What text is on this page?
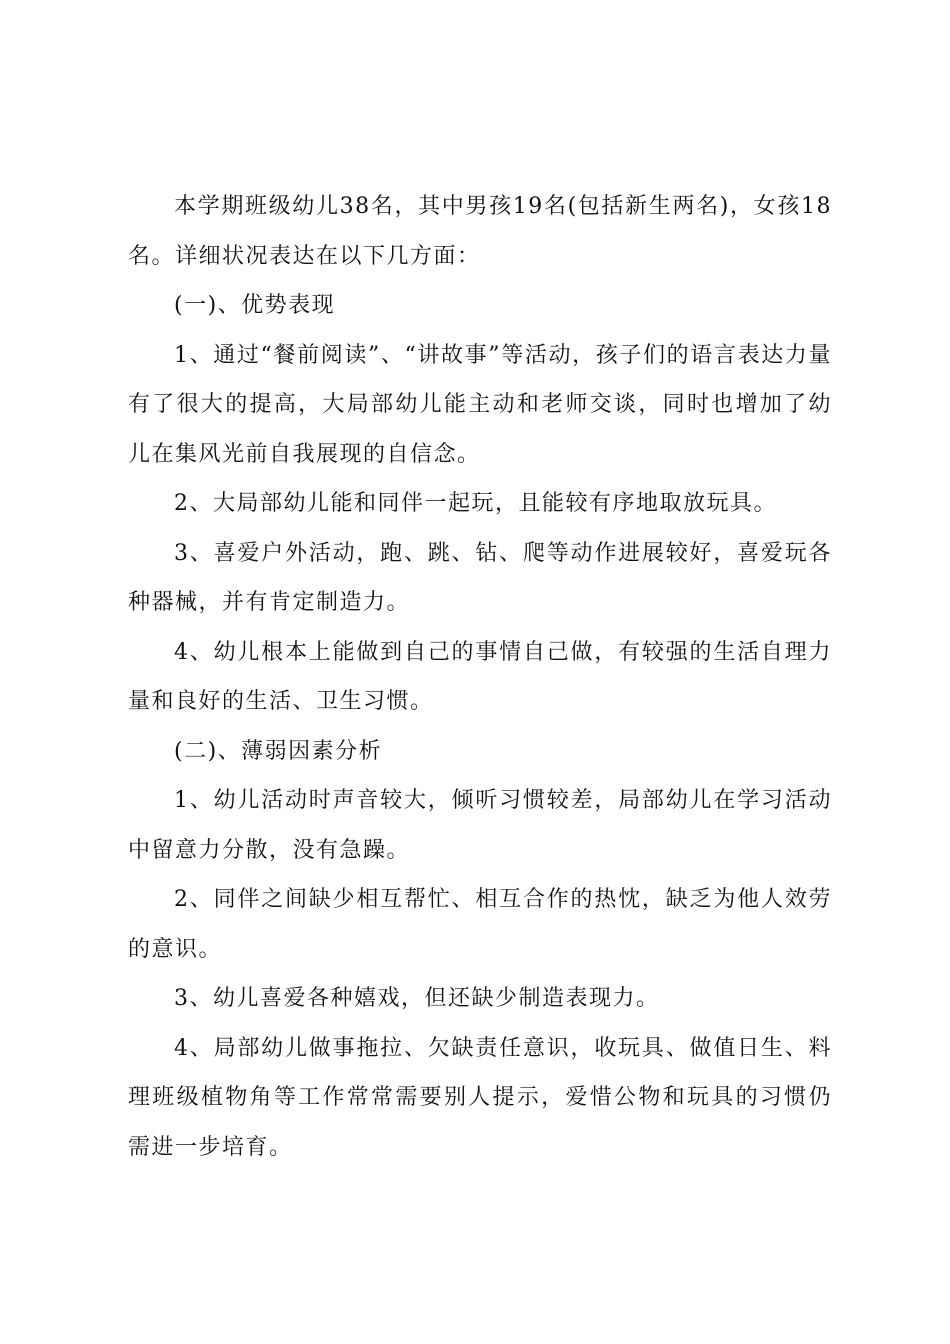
本学期班级幼儿38名，其中男孩19名(包括新生两名)，女孩18名。详细状况表达在以下几方面：

(一)、优势表现

1、通过“餐前阅读”、“讲故事”等活动，孩子们的语言表达力量有了很大的提高，大局部幼儿能主动和老师交谈，同时也增加了幼儿在集风光前自我展现的自信念。

2、大局部幼儿能和同伴一起玩，且能较有序地取放玩具。

3、喜爱户外活动，跑、跳、钻、爬等动作进展较好，喜爱玩各种器械，并有肯定制造力。

4、幼儿根本上能做到自己的事情自己做，有较强的生活自理力量和良好的生活、卫生习惯。

(二)、薄弱因素分析

1、幼儿活动时声音较大，倾听习惯较差，局部幼儿在学习活动中留意力分散，没有急躁。

2、同伴之间缺少相互帮忙、相互合作的热忱，缺乏为他人效劳的意识。

3、幼儿喜爱各种嬉戏，但还缺少制造表现力。

4、局部幼儿做事拖拉、欠缺责任意识，收玩具、做值日生、料理班级植物角等工作常常需要别人提示，爱惜公物和玩具的习惯仍需进一步培育。
